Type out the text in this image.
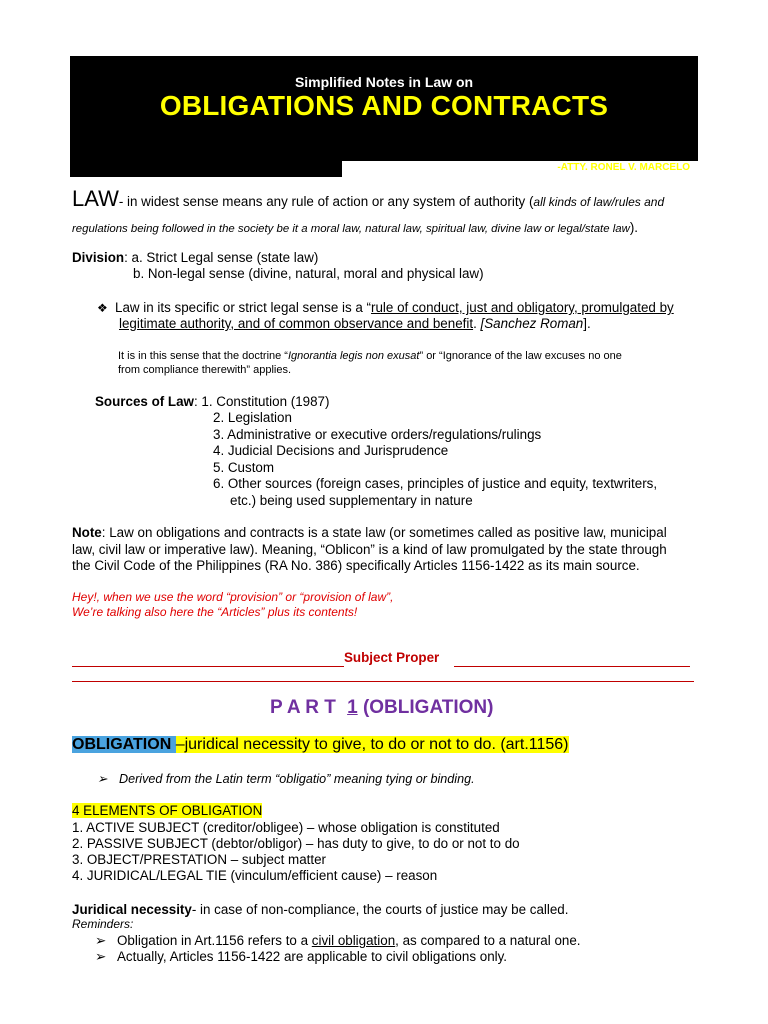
Simplified Notes in Law on
OBLIGATIONS AND CONTRACTS
-ATTY. RONEL V. MARCELO
LAW- in widest sense means any rule of action or any system of authority (all kinds of law/rules and
regulations being followed in the society be it a moral law, natural law, spiritual law, divine law or legal/state law).
Division: a. Strict Legal sense (state law)
b. Non-legal sense (divine, natural, moral and physical law)
❖ Law in its specific or strict legal sense is a “rule of conduct, just and obligatory, promulgated by
legitimate authority, and of common observance and benefit. [Sanchez Roman].
It is in this sense that the doctrine “Ignorantia legis non exusat” or “Ignorance of the law excuses no one
from compliance therewith” applies.
Sources of Law: 1. Constitution (1987)
2. Legislation
3. Administrative or executive orders/regulations/rulings
4. Judicial Decisions and Jurisprudence
5. Custom
6. Other sources (foreign cases, principles of justice and equity, textwriters,
etc.) being used supplementary in nature
Note: Law on obligations and contracts is a state law (or sometimes called as positive law, municipal
law, civil law or imperative law). Meaning, “Oblicon” is a kind of law promulgated by the state through
the Civil Code of the Philippines (RA No. 386) specifically Articles 1156-1422 as its main source.
Hey!, when we use the word “provision” or “provision of law”,
We’re talking also here the “Articles” plus its contents!
Subject Proper
P A R T 1 (OBLIGATION)
OBLIGATION –juridical necessity to give, to do or not to do. (art.1156)
➢ Derived from the Latin term “obligatio” meaning tying or binding.
4 ELEMENTS OF OBLIGATION
1. ACTIVE SUBJECT (creditor/obligee) – whose obligation is constituted
2. PASSIVE SUBJECT (debtor/obligor) – has duty to give, to do or not to do
3. OBJECT/PRESTATION – subject matter
4. JURIDICAL/LEGAL TIE (vinculum/efficient cause) – reason
Juridical necessity- in case of non-compliance, the courts of justice may be called.
Reminders:
➢ Obligation in Art.1156 refers to a civil obligation, as compared to a natural one.
➢ Actually, Articles 1156-1422 are applicable to civil obligations only.
